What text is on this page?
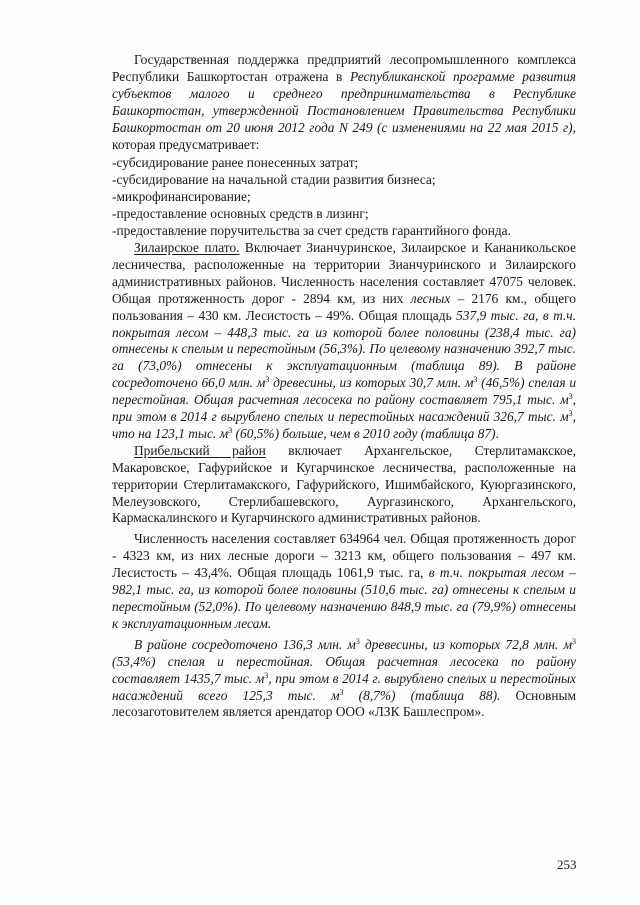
Государственная поддержка предприятий лесопромышленного комплекса Республики Башкортостан отражена в Республиканской программе развития субъектов малого и среднего предпринимательства в Республике Башкортостан, утвержденной Постановлением Правительства Республики Башкортостан от 20 июня 2012 года N 249 (с изменениями на 22 мая 2015 г), которая предусматривает:

-субсидирование ранее понесенных затрат;

-субсидирование на начальной стадии развития бизнеса;

-микрофинансирование;

-предоставление основных средств в лизинг;

-предоставление поручительства за счет средств гарантийного фонда.

Зилаирское плато. Включает Зианчуринское, Зилаирское и Кананикольское лесничества, расположенные на территории Зианчуринского и Зилаирского административных районов. Численность населения составляет 47075 человек. Общая протяженность дорог - 2894 км, из них лесных – 2176 км., общего пользования – 430 км. Лесистость – 49%. Общая площадь 537,9 тыс. га, в т.ч. покрытая лесом – 448,3 тыс. га из которой более половины (238,4 тыс. га) отнесены к спелым и перестойным (56,3%). По целевому назначению 392,7 тыс. га (73,0%) отнесены к эксплуатационным (таблица 89). В районе сосредоточено 66,0 млн. $м^3$ древесины, из которых 30,7 млн. $м^3$ (46,5%) спелая и перестойная. Общая расчетная лесосека по району составляет 795,1 тыс. $м^3$, при этом в 2014 г вырублено спелых и перестойных насаждений 326,7 тыс. $м^3$, что на 123,1 тыс. $м^3$ (60,5%) больше, чем в 2010 году (таблица 87).

Прибельский район включает Архангельское, Стерлитамакское, Макаровское, Гафурийское и Кугарчинское лесничества, расположенные на территории Стерлитамакского, Гафурийского, Ишимбайского, Куюргазинского, Мелеузовского, Стерлибашевского, Аургазинского, Архангельского, Кармаскалинского и Кугарчинского административных районов.

Численность населения составляет 634964 чел. Общая протяженность дорог - 4323 км, из них лесные дороги – 3213 км, общего пользования – 497 км. Лесистость – 43,4%. Общая площадь 1061,9 тыс. га, в т.ч. покрытая лесом – 982,1 тыс. га, из которой более половины (510,6 тыс. га) отнесены к спелым и перестойным (52,0%). По целевому назначению 848,9 тыс. га (79,9%) отнесены к эксплуатационным лесам.

В районе сосредоточено 136,3 млн. $м^3$ древесины, из которых 72,8 млн. $м^3$ (53,4%) спелая и перестойная. Общая расчетная лесосека по району составляет 1435,7 тыс. $м^3$, при этом в 2014 г. вырублено спелых и перестойных насаждений всего 125,3 тыс. $м^3$ (8,7%) (таблица 88). Основным лесозаготовителем является арендатор ООО «ЛЗК Башлеспром».

253
